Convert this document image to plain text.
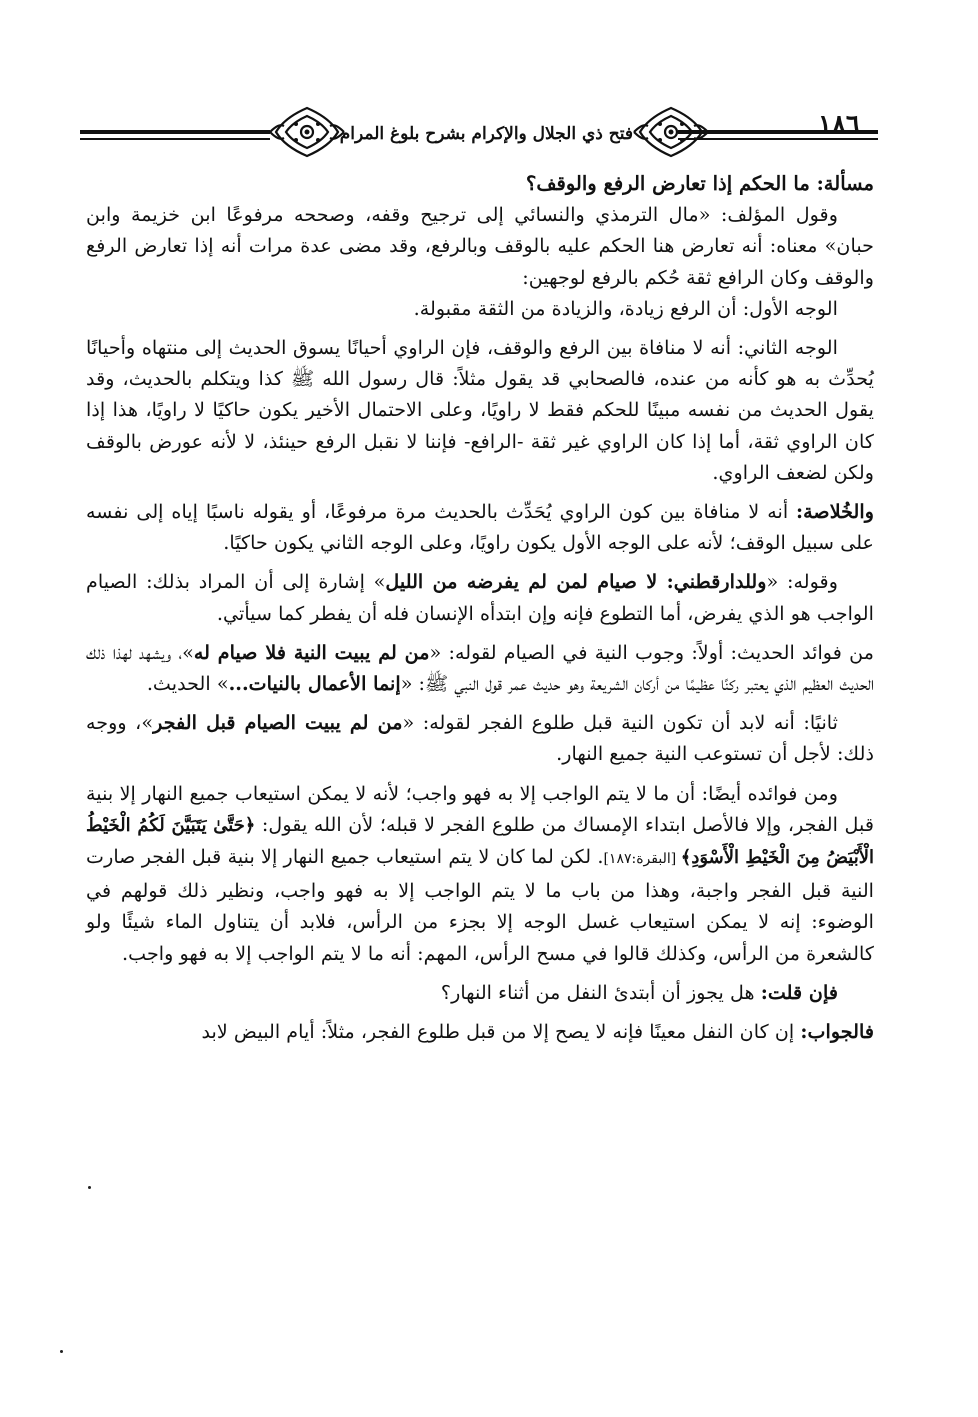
١٨٦
فتح ذي الجلال والإكرام بشرح بلوغ المرام

مسألة: ما الحكم إذا تعارض الرفع والوقف؟

وقول المؤلف: «مال الترمذي والنسائي إلى ترجيح وقفه، وصححه مرفوعًا ابن خزيمة وابن حبان» معناه: أنه تعارض هنا الحكم عليه بالوقف وبالرفع، وقد مضى عدة مرات أنه إذا تعارض الرفع والوقف وكان الرافع ثقة حُكم بالرفع لوجهين:

الوجه الأول: أن الرفع زيادة، والزيادة من الثقة مقبولة.

الوجه الثاني: أنه لا منافاة بين الرفع والوقف، فإن الراوي أحيانًا يسوق الحديث إلى منتهاه وأحيانًا يُحدِّث به هو كأنه من عنده، فالصحابي قد يقول مثلاً: قال رسول الله ﷺ كذا ويتكلم بالحديث، وقد يقول الحديث من نفسه مبينًا للحكم فقط لا راويًا، وعلى الاحتمال الأخير يكون حاكيًا لا راويًا، هذا إذا كان الراوي ثقة، أما إذا كان الراوي غير ثقة -الرافع- فإننا لا نقبل الرفع حينئذ، لا لأنه عورض بالوقف ولكن لضعف الراوي.

والخُلاصة: أنه لا منافاة بين كون الراوي يُحَدِّث بالحديث مرة مرفوعًا، أو يقوله ناسبًا إياه إلى نفسه على سبيل الوقف؛ لأنه على الوجه الأول يكون راويًا، وعلى الوجه الثاني يكون حاكيًا.

وقوله: «وللدارقطني: لا صيام لمن لم يفرضه من الليل» إشارة إلى أن المراد بذلك: الصيام الواجب هو الذي يفرض، أما التطوع فإنه وإن ابتدأه الإنسان فله أن يفطر كما سيأتي.

من فوائد الحديث: أولاً: وجوب النية في الصيام لقوله: «من لم يبيت النية فلا صيام له»، ويشهد لهذا ذلك الحديث العظيم الذي يعتبر ركنًا عظيمًا من أركان الشريعة وهو حديث عمر قول النبي ﷺ: «إنما الأعمال بالنيات...» الحديث.

ثانيًا: أنه لابد أن تكون النية قبل طلوع الفجر لقوله: «من لم يبيت الصيام قبل الفجر»، ووجه ذلك: لأجل أن تستوعب النية جميع النهار.

ومن فوائده أيضًا: أن ما لا يتم الواجب إلا به فهو واجب؛ لأنه لا يمكن استيعاب جميع النهار إلا بنية قبل الفجر، وإلا فالأصل ابتداء الإمساك من طلوع الفجر لا قبله؛ لأن الله يقول: ﴿حَتَّىٰ يَتَبَيَّنَ لَكُمُ الْخَيْطُ الْأَبْيَضُ مِنَ الْخَيْطِ الْأَسْوَدِ﴾ [البقرة:١٨٧]. لكن لما كان لا يتم استيعاب جميع النهار إلا بنية قبل الفجر صارت النية قبل الفجر واجبة، وهذا من باب ما لا يتم الواجب إلا به فهو واجب، ونظير ذلك قولهم في الوضوء: إنه لا يمكن استيعاب غسل الوجه إلا بجزء من الرأس، فلابد أن يتناول الماء شيئًا ولو كالشعرة من الرأس، وكذلك قالوا في مسح الرأس، المهم: أنه ما لا يتم الواجب إلا به فهو واجب.

فإن قلت: هل يجوز أن أبتدئ النفل من أثناء النهار؟

فالجواب: إن كان النفل معينًا فإنه لا يصح إلا من قبل طلوع الفجر، مثلاً: أيام البيض لابد
